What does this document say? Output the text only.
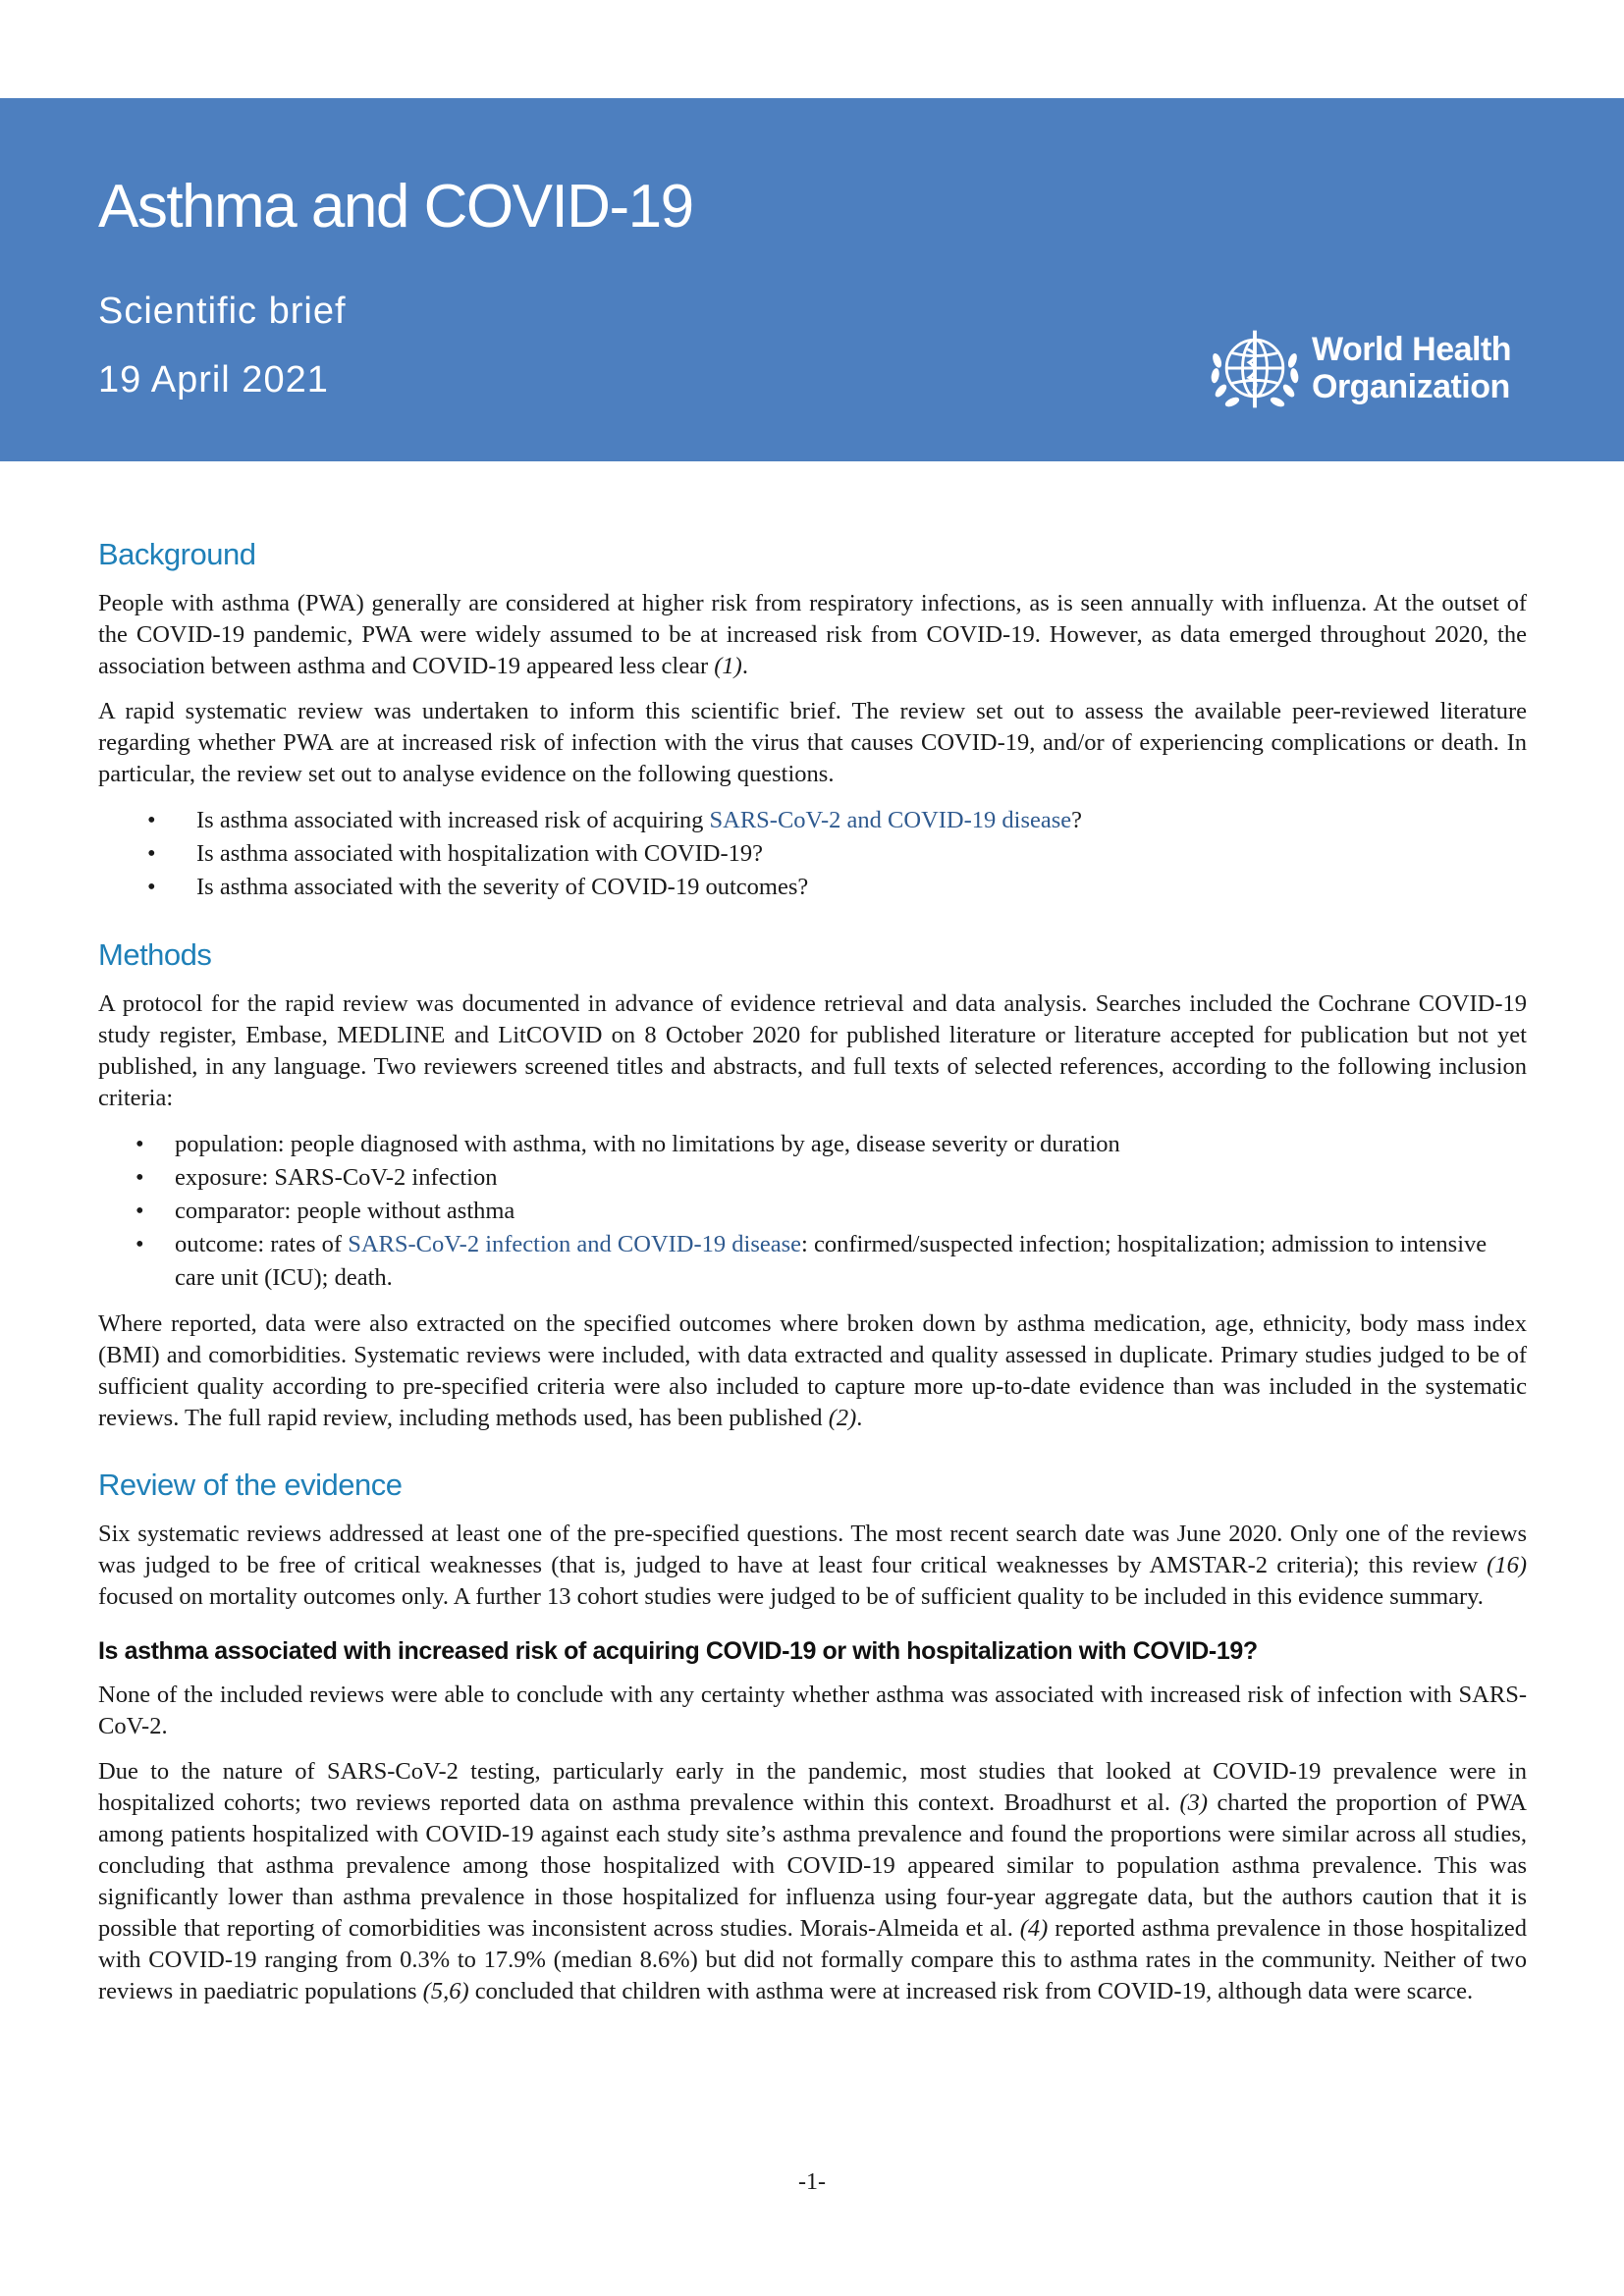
Asthma and COVID-19
Scientific brief
19 April 2021
World Health
Organization
Background

People with asthma (PWA) generally are considered at higher risk from respiratory infections, as is seen annually with influenza. At the outset of the COVID-19 pandemic, PWA were widely assumed to be at increased risk from COVID-19. However, as data emerged throughout 2020, the association between asthma and COVID-19 appeared less clear (1).

A rapid systematic review was undertaken to inform this scientific brief. The review set out to assess the available peer-reviewed literature regarding whether PWA are at increased risk of infection with the virus that causes COVID-19, and/or of experiencing complications or death. In particular, the review set out to analyse evidence on the following questions.

• Is asthma associated with increased risk of acquiring SARS-CoV-2 and COVID-19 disease?
• Is asthma associated with hospitalization with COVID-19?
• Is asthma associated with the severity of COVID-19 outcomes?
Methods

A protocol for the rapid review was documented in advance of evidence retrieval and data analysis. Searches included the Cochrane COVID-19 study register, Embase, MEDLINE and LitCOVID on 8 October 2020 for published literature or literature accepted for publication but not yet published, in any language. Two reviewers screened titles and abstracts, and full texts of selected references, according to the following inclusion criteria:

• population: people diagnosed with asthma, with no limitations by age, disease severity or duration
• exposure: SARS-CoV-2 infection
• comparator: people without asthma
• outcome: rates of SARS-CoV-2 infection and COVID-19 disease: confirmed/suspected infection; hospitalization; admission to intensive care unit (ICU); death.

Where reported, data were also extracted on the specified outcomes where broken down by asthma medication, age, ethnicity, body mass index (BMI) and comorbidities. Systematic reviews were included, with data extracted and quality assessed in duplicate. Primary studies judged to be of sufficient quality according to pre-specified criteria were also included to capture more up-to-date evidence than was included in the systematic reviews. The full rapid review, including methods used, has been published (2).

Review of the evidence

Six systematic reviews addressed at least one of the pre-specified questions. The most recent search date was June 2020. Only one of the reviews was judged to be free of critical weaknesses (that is, judged to have at least four critical weaknesses by AMSTAR-2 criteria); this review (16) focused on mortality outcomes only. A further 13 cohort studies were judged to be of sufficient quality to be included in this evidence summary.

Is asthma associated with increased risk of acquiring COVID-19 or with hospitalization with COVID-19?

None of the included reviews were able to conclude with any certainty whether asthma was associated with increased risk of infection with SARS-CoV-2.

Due to the nature of SARS-CoV-2 testing, particularly early in the pandemic, most studies that looked at COVID-19 prevalence were in hospitalized cohorts; two reviews reported data on asthma prevalence within this context. Broadhurst et al. (3) charted the proportion of PWA among patients hospitalized with COVID-19 against each study site’s asthma prevalence and found the proportions were similar across all studies, concluding that asthma prevalence among those hospitalized with COVID-19 appeared similar to population asthma prevalence. This was significantly lower than asthma prevalence in those hospitalized for influenza using four-year aggregate data, but the authors caution that it is possible that reporting of comorbidities was inconsistent across studies. Morais-Almeida et al. (4) reported asthma prevalence in those hospitalized with COVID-19 ranging from 0.3% to 17.9% (median 8.6%) but did not formally compare this to asthma rates in the community. Neither of two reviews in paediatric populations (5,6) concluded that children with asthma were at increased risk from COVID-19, although data were scarce.

-1-
